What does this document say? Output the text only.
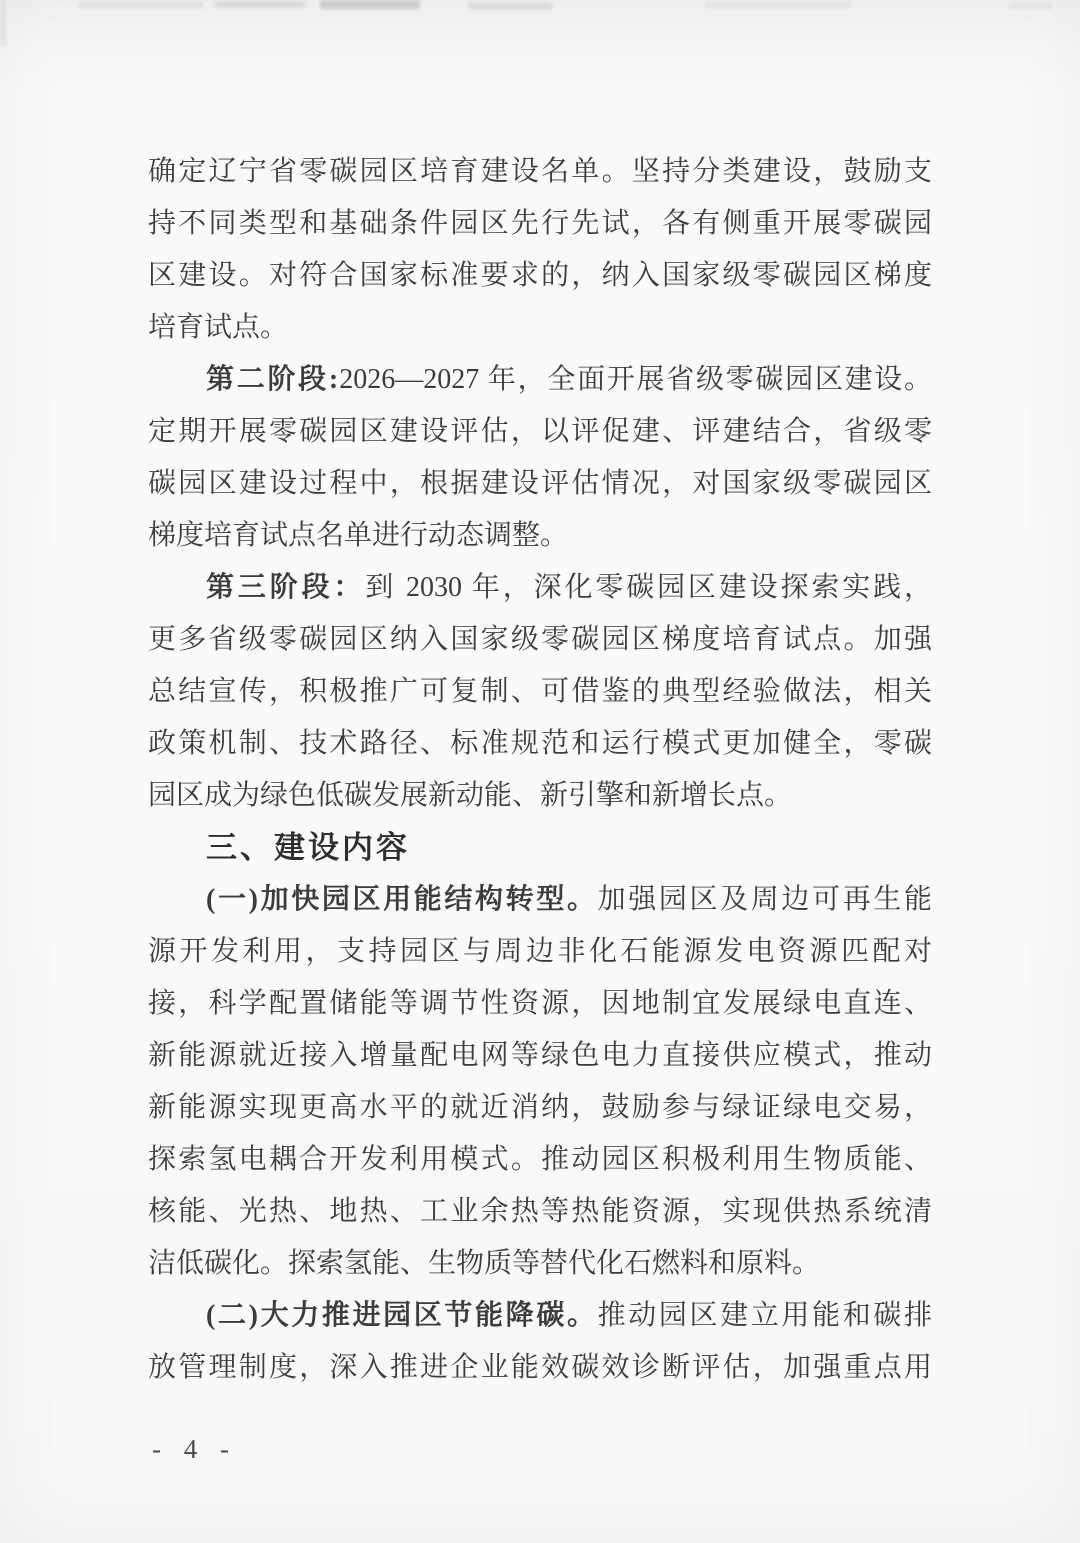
确定辽宁省零碳园区培育建设名单。坚持分类建设，鼓励支
持不同类型和基础条件园区先行先试，各有侧重开展零碳园
区建设。对符合国家标准要求的，纳入国家级零碳园区梯度
培育试点。

第二阶段:2026—2027 年，全面开展省级零碳园区建设。
定期开展零碳园区建设评估，以评促建、评建结合，省级零
碳园区建设过程中，根据建设评估情况，对国家级零碳园区
梯度培育试点名单进行动态调整。

第三阶段：到 2030 年，深化零碳园区建设探索实践，
更多省级零碳园区纳入国家级零碳园区梯度培育试点。加强
总结宣传，积极推广可复制、可借鉴的典型经验做法，相关
政策机制、技术路径、标准规范和运行模式更加健全，零碳
园区成为绿色低碳发展新动能、新引擎和新增长点。

三、建设内容

(一)加快园区用能结构转型。加强园区及周边可再生能
源开发利用，支持园区与周边非化石能源发电资源匹配对
接，科学配置储能等调节性资源，因地制宜发展绿电直连、
新能源就近接入增量配电网等绿色电力直接供应模式，推动
新能源实现更高水平的就近消纳，鼓励参与绿证绿电交易，
探索氢电耦合开发利用模式。推动园区积极利用生物质能、
核能、光热、地热、工业余热等热能资源，实现供热系统清
洁低碳化。探索氢能、生物质等替代化石燃料和原料。

(二)大力推进园区节能降碳。推动园区建立用能和碳排
放管理制度，深入推进企业能效碳效诊断评估，加强重点用

- 4 -
